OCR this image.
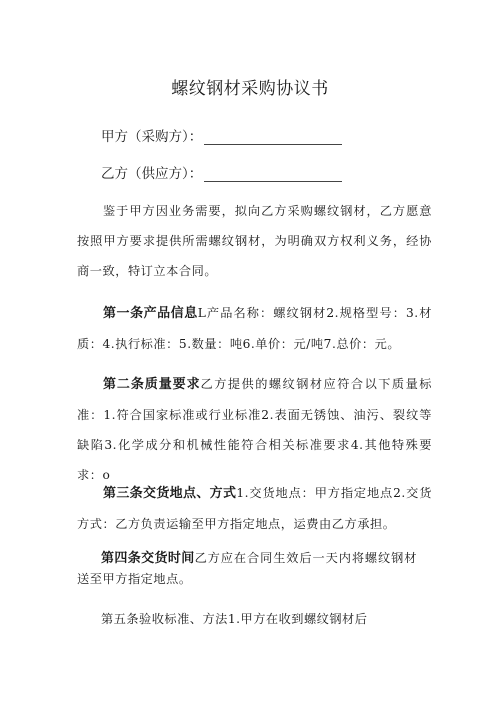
螺纹钢材采购协议书
甲方（采购方）：
乙方（供应方）：
鉴于甲方因业务需要，拟向乙方采购螺纹钢材，乙方愿意按照甲方要求提供所需螺纹钢材，为明确双方权利义务，经协商一致，特订立本合同。
第一条产品信息L产品名称：螺纹钢材2.规格型号：3.材质：4.执行标准：5.数量：吨6.单价：元/吨7.总价：元。
第二条质量要求乙方提供的螺纹钢材应符合以下质量标准：1.符合国家标准或行业标准2.表面无锈蚀、油污、裂纹等缺陷3.化学成分和机械性能符合相关标准要求4.其他特殊要求：o
第三条交货地点、方式1.交货地点：甲方指定地点2.交货方式：乙方负责运输至甲方指定地点，运费由乙方承担。
第四条交货时间乙方应在合同生效后一天内将螺纹钢材送至甲方指定地点。
第五条验收标准、方法1.甲方在收到螺纹钢材后
